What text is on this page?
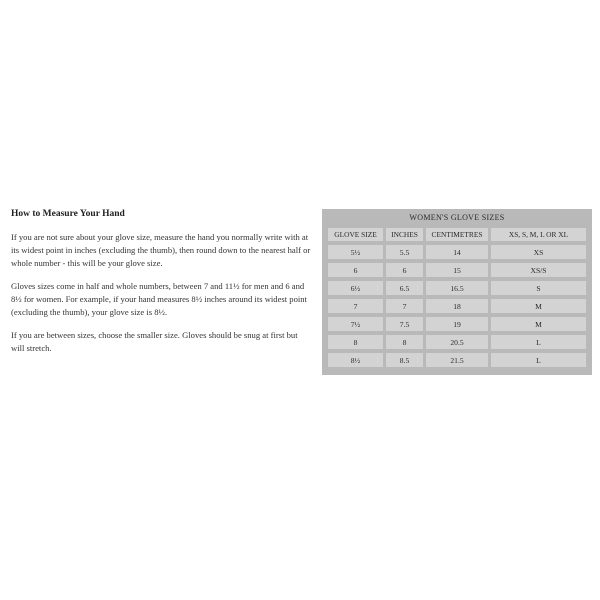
How to Measure Your Hand

If you are not sure about your glove size, measure the hand you normally write with at its widest point in inches (excluding the thumb), then round down to the nearest half or whole number - this will be your glove size.

Gloves sizes come in half and whole numbers, between 7 and 11½ for men and 6 and 8½ for women. For example, if your hand measures 8½ inches around its widest point (excluding the thumb), your glove size is 8½.

If you are between sizes, choose the smaller size. Gloves should be snug at first but will stretch.

WOMEN'S GLOVE SIZES
GLOVE SIZE	INCHES	CENTIMETRES	XS, S, M, L OR XL
5½	5.5	14	XS
6	6	15	XS/S
6½	6.5	16.5	S
7	7	18	M
7½	7.5	19	M
8	8	20.5	L
8½	8.5	21.5	L
